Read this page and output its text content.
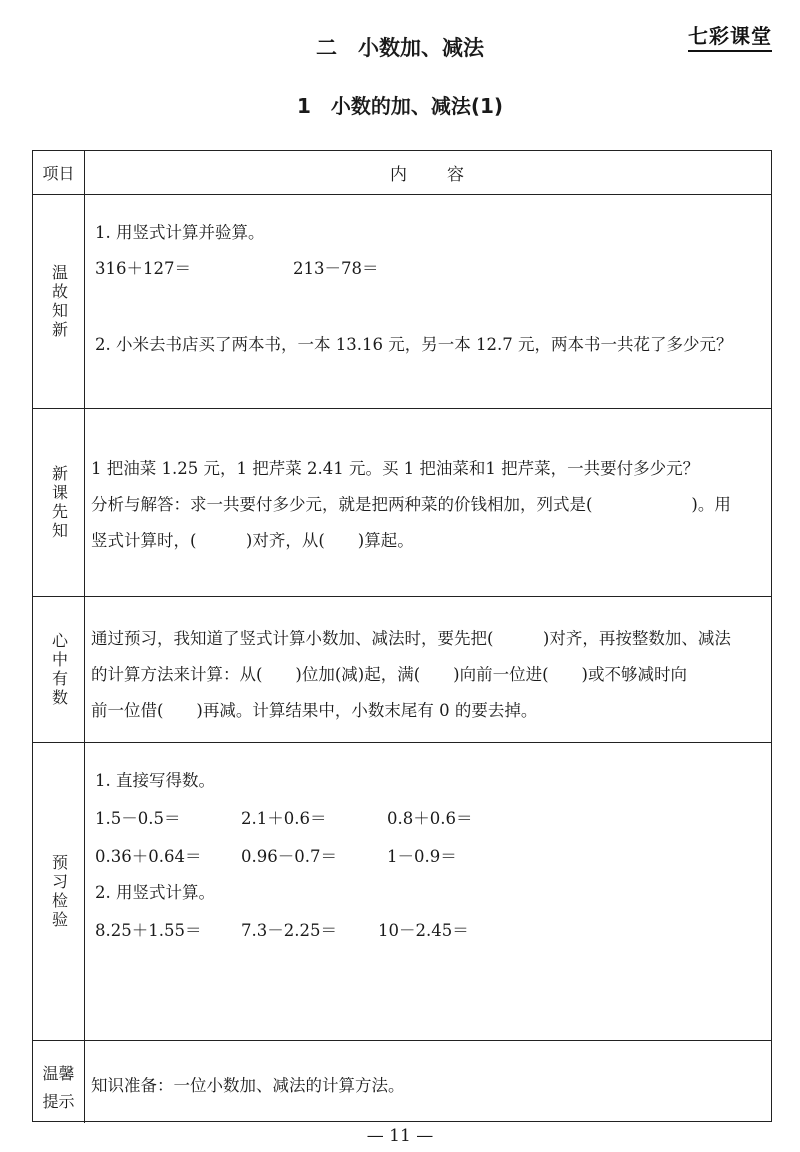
七彩课堂
二　小数加、减法
1　小数的加、减法(1)
项日	内　　容
温故知新
1. 用竖式计算并验算。
316＋127＝	213－78＝
2. 小米去书店买了两本书，一本 13.16 元，另一本 12.7 元，两本书一共花了多少元？
新课先知 1 把油菜 1.25 元，1 把芹菜 2.41 元。买 1 把油菜和1 把芹菜，一共要付多少元？
分析与解答：求一共要付多少元，就是把两种菜的价钱相加，列式是(　　　　　　)。用
竖式计算时，(　　　)对齐，从(　　)算起。
心中有数 通过预习，我知道了竖式计算小数加、减法时，要先把(　　　)对齐，再按整数加、减法
的计算方法来计算：从(　　)位加(减)起，满(　　)向前一位进(　　)或不够减时向
前一位借(　　)再减。计算结果中，小数末尾有 0 的要去掉。
预习检验
1. 直接写得数。
1.5－0.5＝	2.1＋0.6＝	0.8＋0.6＝
0.36＋0.64＝ 0.96－0.7＝	1－0.9＝
2. 用竖式计算。
8.25＋1.55＝ 7.3－2.25＝ 10－2.45＝
温馨
提示
知识准备：一位小数加、减法的计算方法。
— 11 —
